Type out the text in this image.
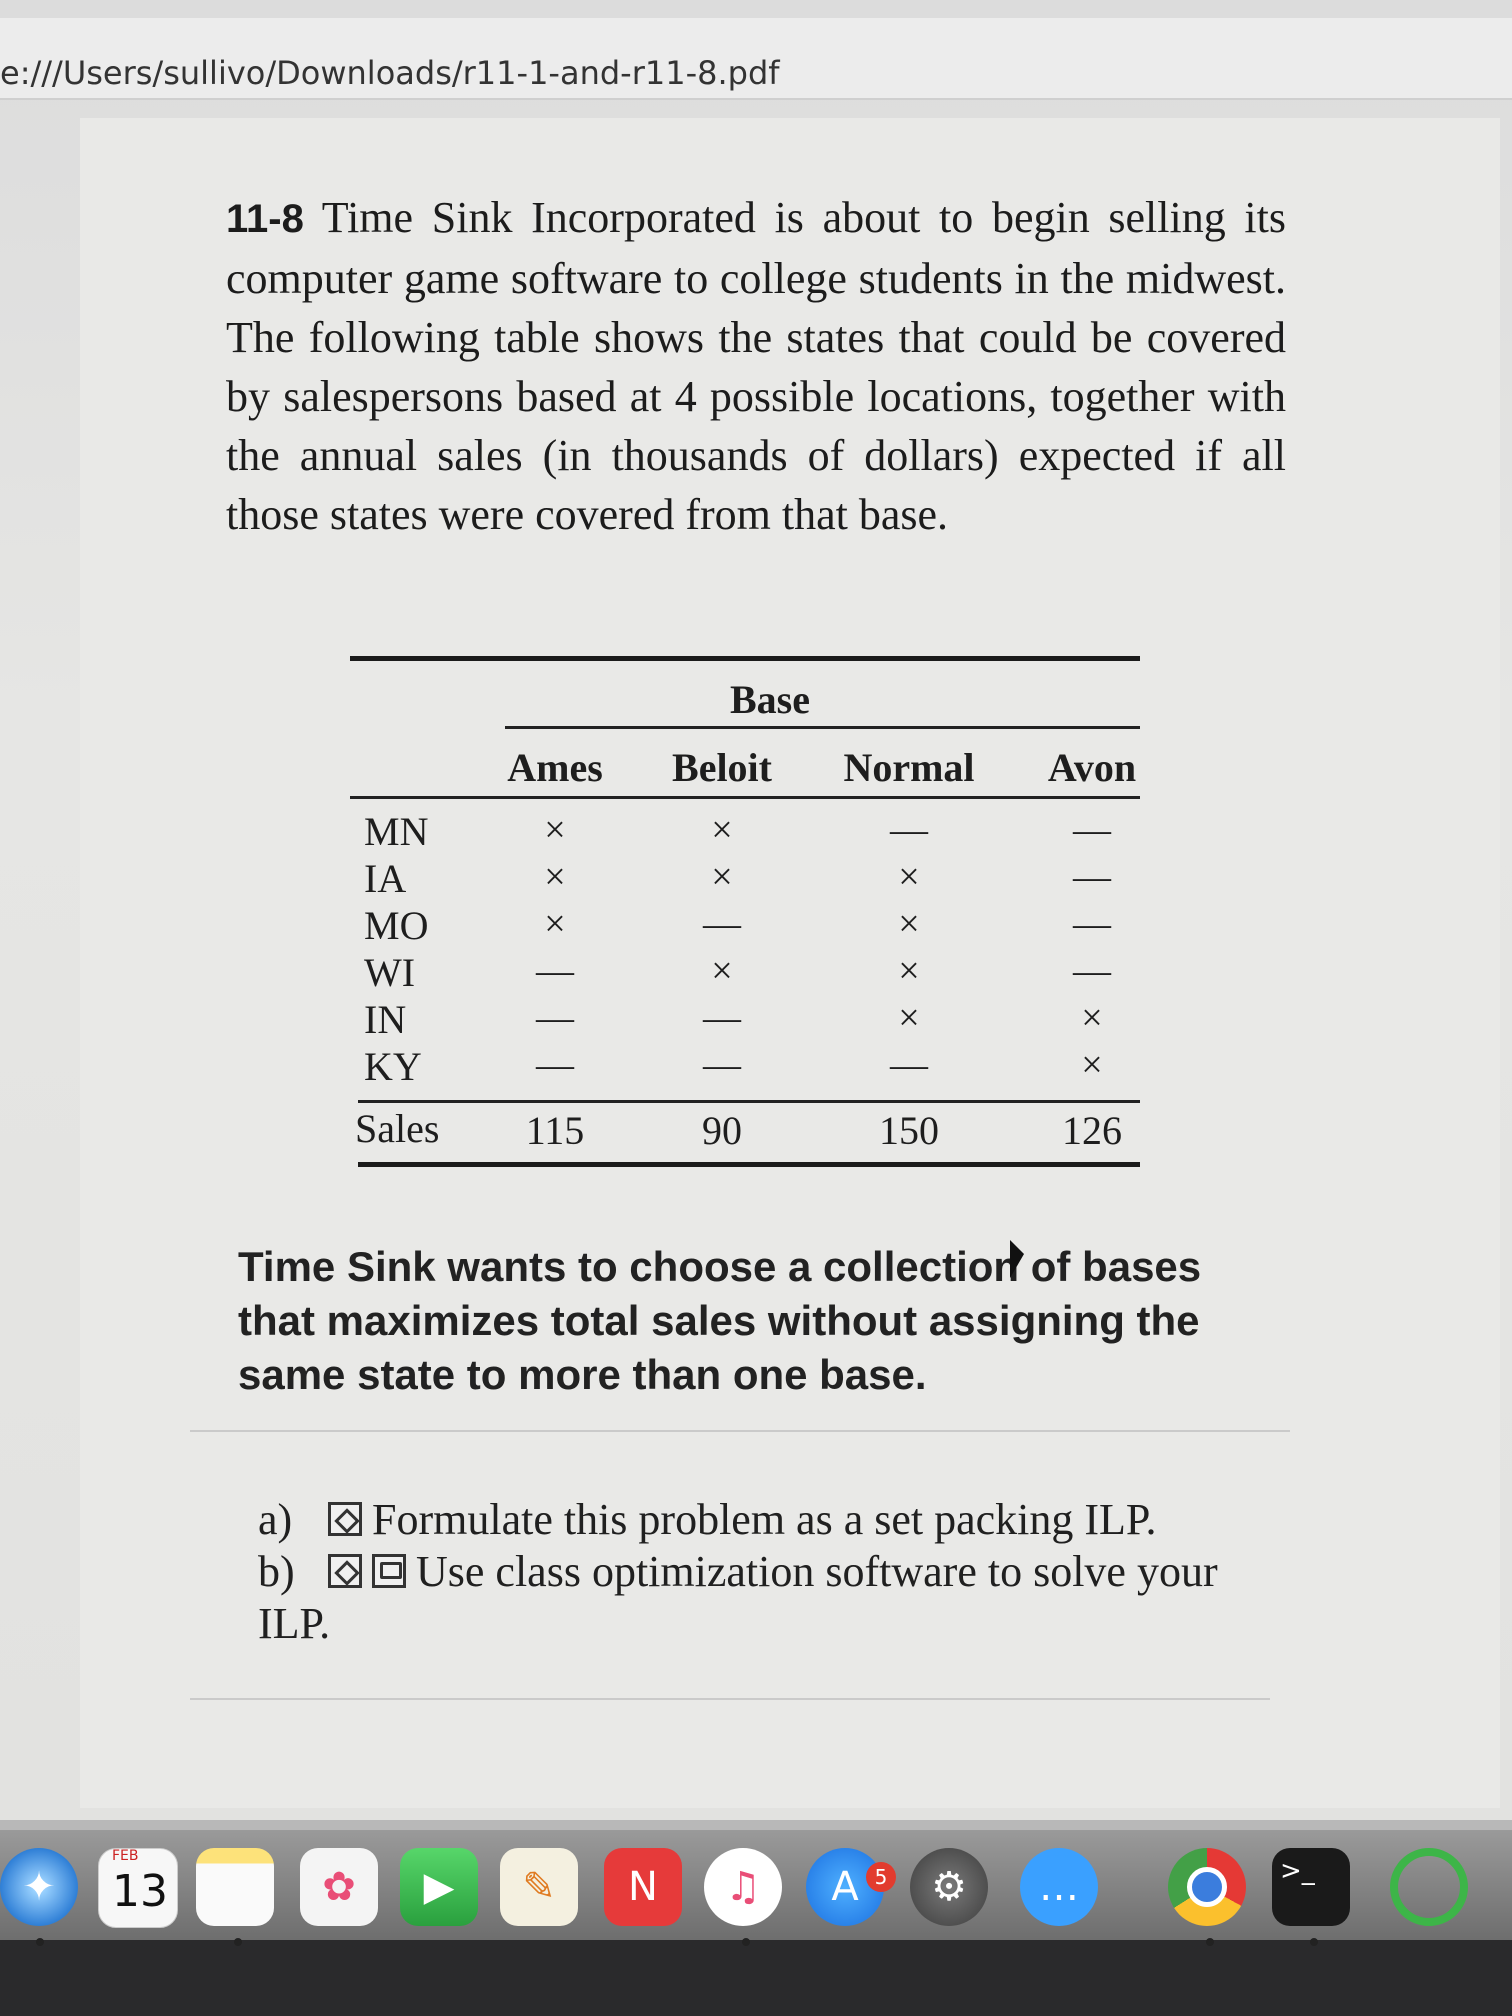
e:///Users/sullivo/Downloads/r11-1-and-r11-8.pdf
11-8 Time Sink Incorporated is about to begin selling its computer game software to college students in the midwest. The following table shows the states that could be covered by salespersons based at 4 possible locations, together with the annual sales (in thousands of dollars) expected if all those states were covered from that base.
Base
Ames Beloit Normal Avon
MN	×	×	—	—
IA	×	×	×	—
MO	×	—	×	—
WI	—	×	×	—
IN	—	—	×	×
KY	—	—	—	×
Sales 115	90	150	126
Time Sink wants to choose a collection of bases that maximizes total sales without assigning the same state to more than one base.
a) Formulate this problem as a set packing ILP.
b)	Use class optimization software to solve your ILP.
✦
FEB
13	✿	▶	✎	N	♫	A 5	⚙	…	>_
